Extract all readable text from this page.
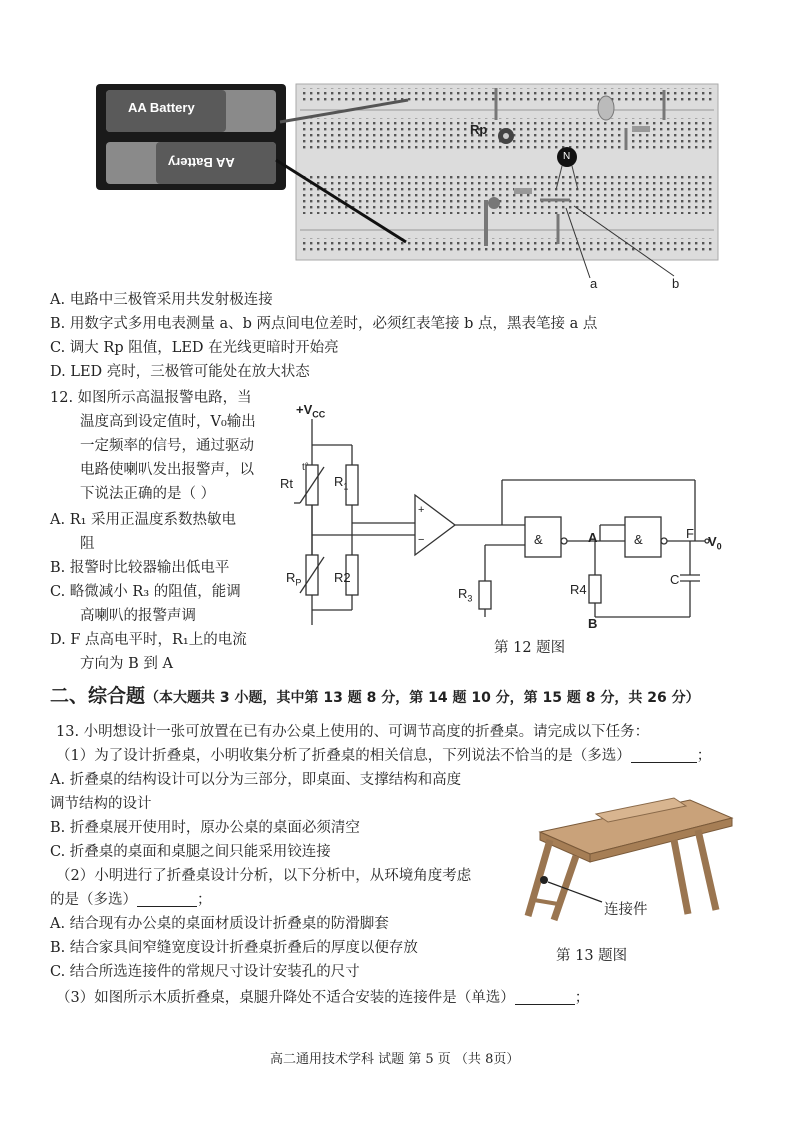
AA Battery
AA Battery
Rp
N
a	b
A. 电路中三极管采用共发射极连接
B. 用数字式多用电表测量 a、b 两点间电位差时，必须红表笔接 b 点，黑表笔接 a 点
C. 调大 Rp 阻值，LED 在光线更暗时开始亮
D. LED 亮时，三极管可能处在放大状态
12. 如图所示高温报警电路，当
温度高到设定值时，V₀输出
一定频率的信号，通过驱动
电路使喇叭发出报警声，以
下说法正确的是（ ）
A. R₁ 采用正温度系数热敏电
阻
B. 报警时比较器输出低电平
C. 略微减小 R₃ 的阻值，能调
高喇叭的报警声调
D. F 点高电平时，R₁上的电流
方向为 B 到 A
$+V_{CC}$
Rt
t°
$R_1$
$R_P$	R2
$R_3$
R4
&	&
A
B
F
$V_0$
C
+
−
第 12 题图
二、综合题（本大题共 3 小题，其中第 13 题 8 分，第 14 题 10 分，第 15 题 8 分，共 26 分）
13. 小明想设计一张可放置在已有办公桌上使用的、可调节高度的折叠桌。请完成以下任务：
（1）为了设计折叠桌，小明收集分析了折叠桌的相关信息，下列说法不恰当的是（多选）	；
A. 折叠桌的结构设计可以分为三部分，即桌面、支撑结构和高度
调节结构的设计
B. 折叠桌展开使用时，原办公桌的桌面必须清空
C. 折叠桌的桌面和桌腿之间只能采用铰连接
（2）小明进行了折叠桌设计分析，以下分析中，从环境角度考虑
的是（多选）	；
A. 结合现有办公桌的桌面材质设计折叠桌的防滑脚套
B. 结合家具间窄缝宽度设计折叠桌折叠后的厚度以便存放
C. 结合所选连接件的常规尺寸设计安装孔的尺寸
（3）如图所示木质折叠桌，桌腿升降处不适合安装的连接件是（单选）	；
连接件
第 13 题图
高二通用技术学科 试题 第 5 页 （共 8页）
